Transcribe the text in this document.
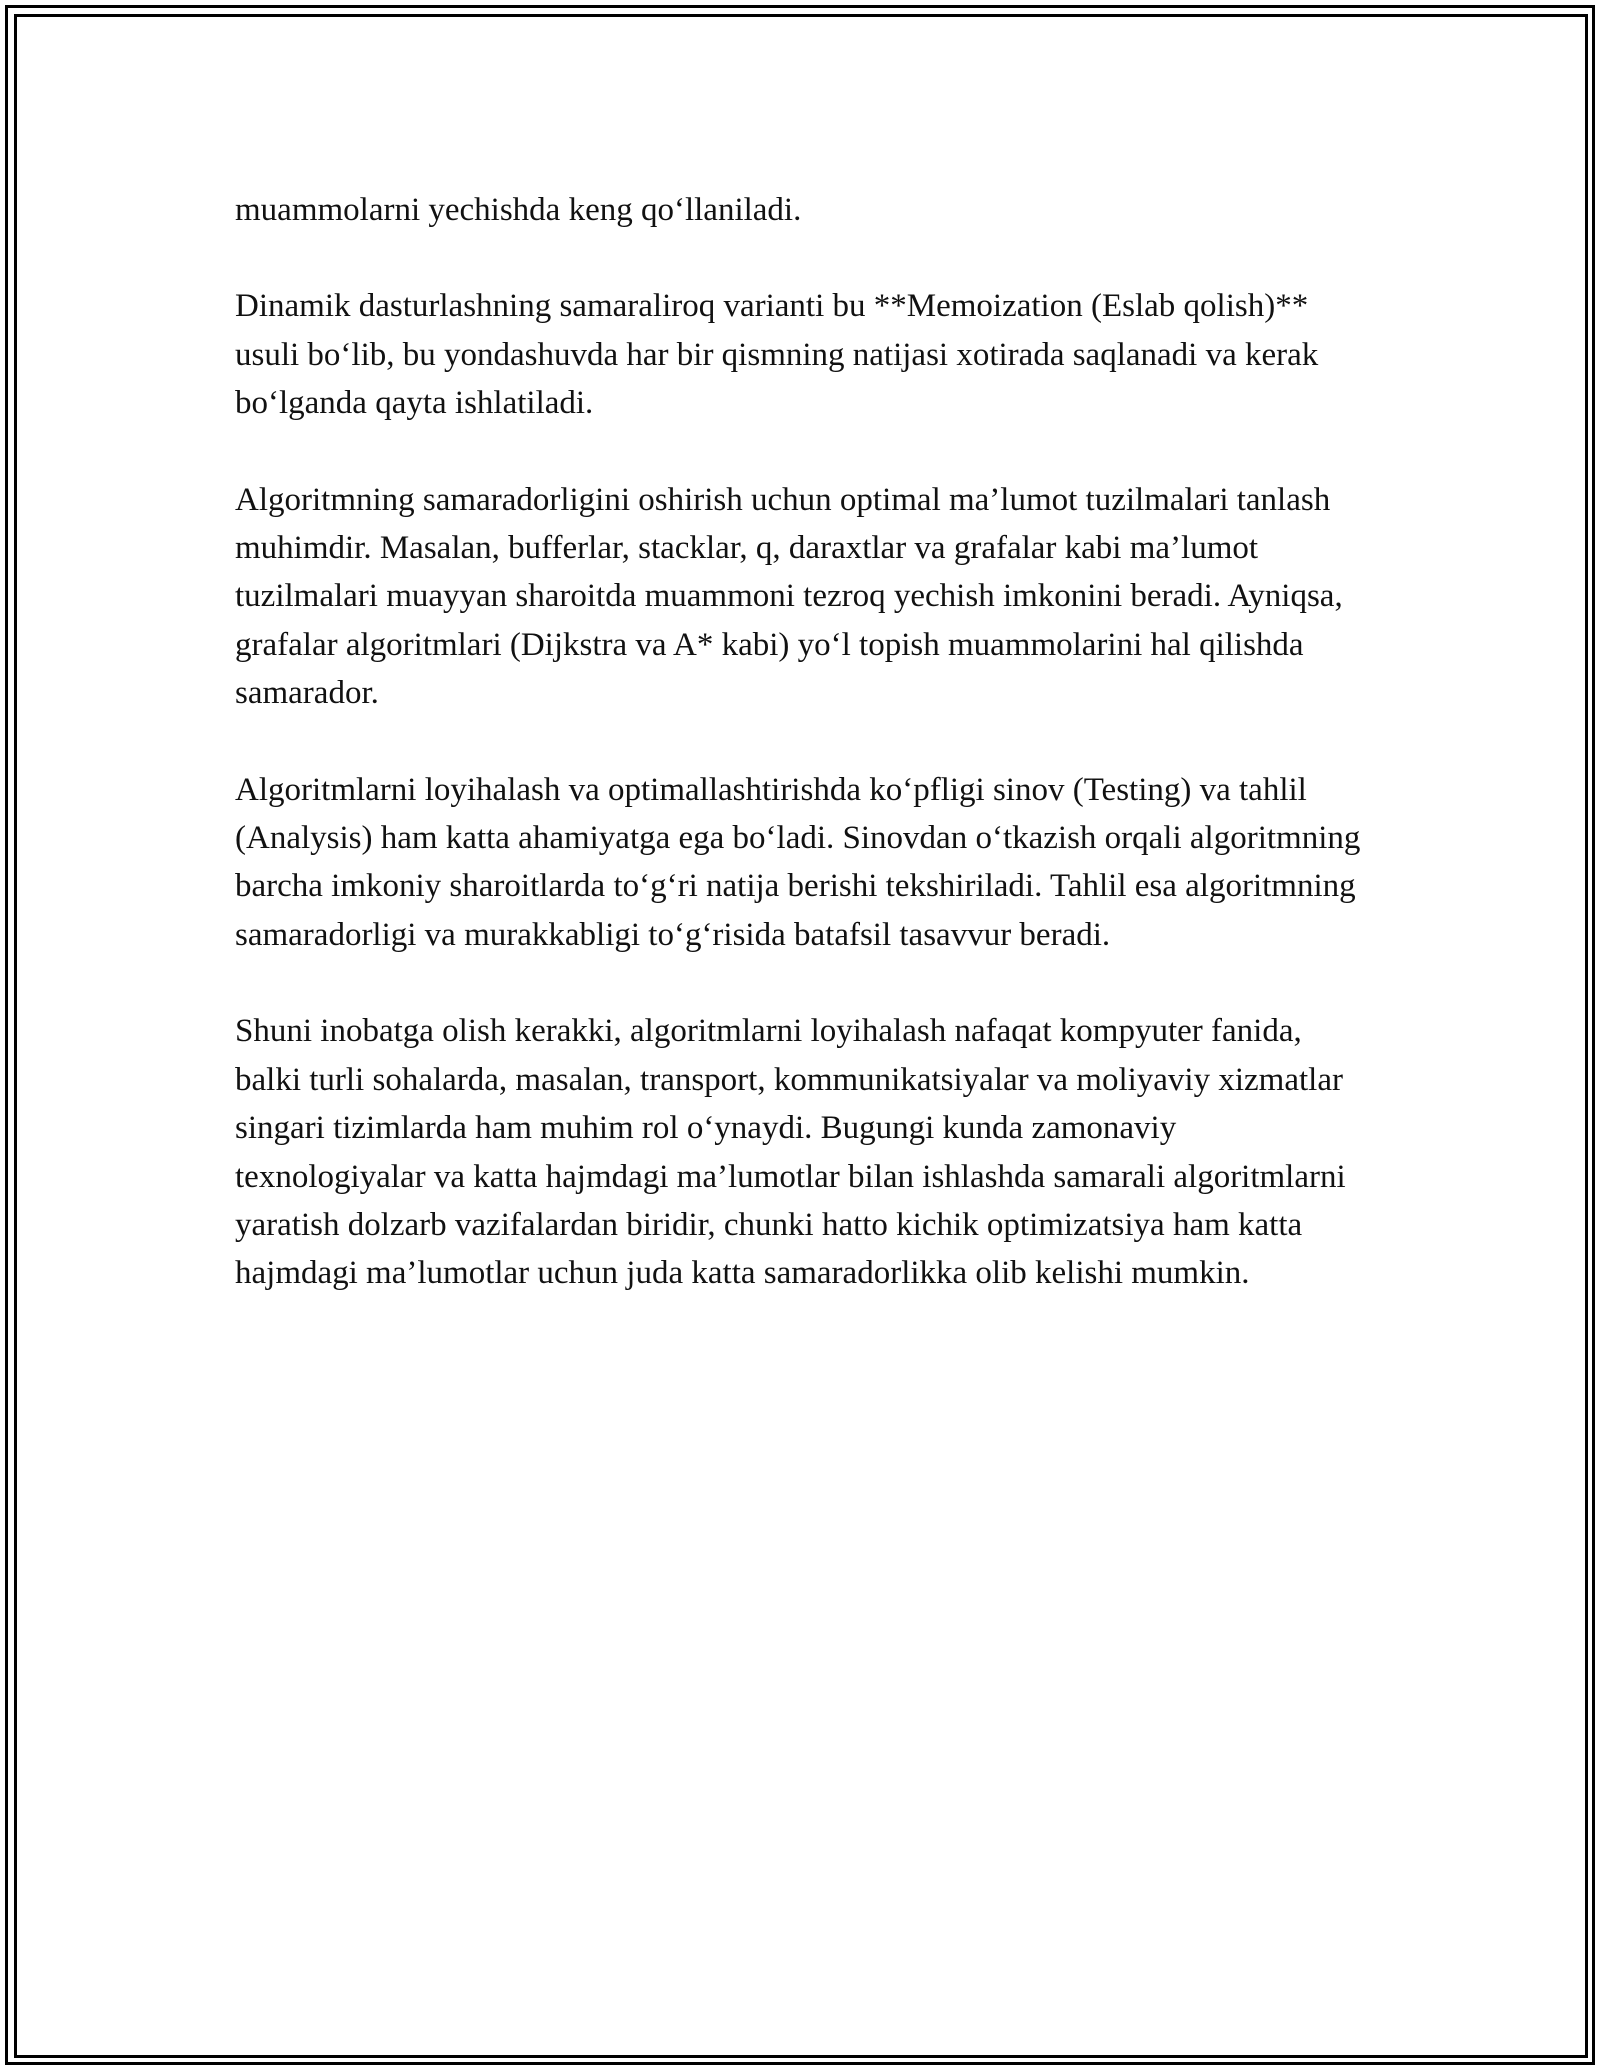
muammolarni yechishda keng qo‘llaniladi.

Dinamik dasturlashning samaraliroq varianti bu **Memoization (Eslab qolish)** usuli bo‘lib, bu yondashuvda har bir qismning natijasi xotirada saqlanadi va kerak bo‘lganda qayta ishlatiladi.

Algoritmning samaradorligini oshirish uchun optimal ma’lumot tuzilmalari tanlash muhimdir. Masalan, bufferlar, stacklar, q, daraxtlar va grafalar kabi ma’lumot tuzilmalari muayyan sharoitda muammoni tezroq yechish imkonini beradi. Ayniqsa, grafalar algoritmlari (Dijkstra va A* kabi) yo‘l topish muammolarini hal qilishda samarador.

Algoritmlarni loyihalash va optimallashtirishda ko‘pfligi sinov (Testing) va tahlil (Analysis) ham katta ahamiyatga ega bo‘ladi. Sinovdan o‘tkazish orqali algoritmning barcha imkoniy sharoitlarda to‘g‘ri natija berishi tekshiriladi. Tahlil esa algoritmning samaradorligi va murakkabligi to‘g‘risida batafsil tasavvur beradi.

Shuni inobatga olish kerakki, algoritmlarni loyihalash nafaqat kompyuter fanida, balki turli sohalarda, masalan, transport, kommunikatsiyalar va moliyaviy xizmatlar singari tizimlarda ham muhim rol o‘ynaydi. Bugungi kunda zamonaviy texnologiyalar va katta hajmdagi ma’lumotlar bilan ishlashda samarali algoritmlarni yaratish dolzarb vazifalardan biridir, chunki hatto kichik optimizatsiya ham katta hajmdagi ma’lumotlar uchun juda katta samaradorlikka olib kelishi mumkin.
